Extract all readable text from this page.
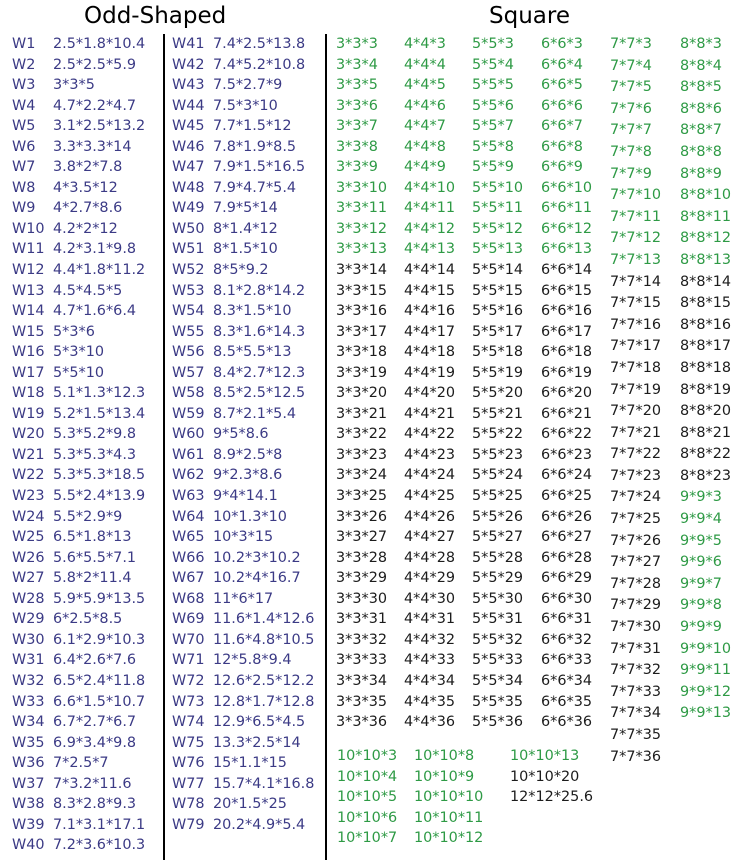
Odd-Shaped	Square
W1 2.5*1.8*10.4
W2 2.5*2.5*5.9
W3 3*3*5
W4 4.7*2.2*4.7
W5 3.1*2.5*13.2
W6 3.3*3.3*14
W7 3.8*2*7.8
W8 4*3.5*12
W9 4*2.7*8.6
W10 4.2*2*12
W11 4.2*3.1*9.8
W12 4.4*1.8*11.2
W13 4.5*4.5*5
W14 4.7*1.6*6.4
W15 5*3*6
W16 5*3*10
W17 5*5*10
W18 5.1*1.3*12.3
W19 5.2*1.5*13.4
W20 5.3*5.2*9.8
W21 5.3*5.3*4.3
W22 5.3*5.3*18.5
W23 5.5*2.4*13.9
W24 5.5*2.9*9
W25 6.5*1.8*13
W26 5.6*5.5*7.1
W27 5.8*2*11.4
W28 5.9*5.9*13.5
W29 6*2.5*8.5
W30 6.1*2.9*10.3
W31 6.4*2.6*7.6
W32 6.5*2.4*11.8
W33 6.6*1.5*10.7
W34 6.7*2.7*6.7
W35 6.9*3.4*9.8
W36 7*2.5*7
W37 7*3.2*11.6
W38 8.3*2.8*9.3
W39 7.1*3.1*17.1
W40 7.2*3.6*10.3
W41 7.4*2.5*13.8
W42 7.4*5.2*10.8
W43 7.5*2.7*9
W44 7.5*3*10
W45 7.7*1.5*12
W46 7.8*1.9*8.5
W47 7.9*1.5*16.5
W48 7.9*4.7*5.4
W49 7.9*5*14
W50 8*1.4*12
W51 8*1.5*10
W52 8*5*9.2
W53 8.1*2.8*14.2
W54 8.3*1.5*10
W55 8.3*1.6*14.3
W56 8.5*5.5*13
W57 8.4*2.7*12.3
W58 8.5*2.5*12.5
W59 8.7*2.1*5.4
W60 9*5*8.6
W61 8.9*2.5*8
W62 9*2.3*8.6
W63 9*4*14.1
W64 10*1.3*10
W65 10*3*15
W66 10.2*3*10.2
W67 10.2*4*16.7
W68 11*6*17
W69 11.6*1.4*12.6
W70 11.6*4.8*10.5
W71 12*5.8*9.4
W72 12.6*2.5*12.2
W73 12.8*1.7*12.8
W74 12.9*6.5*4.5
W75 13.3*2.5*14
W76 15*1.1*15
W77 15.7*4.1*16.8
W78 20*1.5*25
W79 20.2*4.9*5.4
3*3*3
3*3*4
3*3*5
3*3*6
3*3*7
3*3*8
3*3*9
3*3*10
3*3*11
3*3*12
3*3*13
3*3*14
3*3*15
3*3*16
3*3*17
3*3*18
3*3*19
3*3*20
3*3*21
3*3*22
3*3*23
3*3*24
3*3*25
3*3*26
3*3*27
3*3*28
3*3*29
3*3*30
3*3*31
3*3*32
3*3*33
3*3*34
3*3*35
3*3*36
4*4*3
4*4*4
4*4*5
4*4*6
4*4*7
4*4*8
4*4*9
4*4*10
4*4*11
4*4*12
4*4*13
4*4*14
4*4*15
4*4*16
4*4*17
4*4*18
4*4*19
4*4*20
4*4*21
4*4*22
4*4*23
4*4*24
4*4*25
4*4*26
4*4*27
4*4*28
4*4*29
4*4*30
4*4*31
4*4*32
4*4*33
4*4*34
4*4*35
4*4*36
5*5*3
5*5*4
5*5*5
5*5*6
5*5*7
5*5*8
5*5*9
5*5*10
5*5*11
5*5*12
5*5*13
5*5*14
5*5*15
5*5*16
5*5*17
5*5*18
5*5*19
5*5*20
5*5*21
5*5*22
5*5*23
5*5*24
5*5*25
5*5*26
5*5*27
5*5*28
5*5*29
5*5*30
5*5*31
5*5*32
5*5*33
5*5*34
5*5*35
5*5*36
6*6*3
6*6*4
6*6*5
6*6*6
6*6*7
6*6*8
6*6*9
6*6*10
6*6*11
6*6*12
6*6*13
6*6*14
6*6*15
6*6*16
6*6*17
6*6*18
6*6*19
6*6*20
6*6*21
6*6*22
6*6*23
6*6*24
6*6*25
6*6*26
6*6*27
6*6*28
6*6*29
6*6*30
6*6*31
6*6*32
6*6*33
6*6*34
6*6*35
6*6*36
7*7*3
7*7*4
7*7*5
7*7*6
7*7*7
7*7*8
7*7*9
7*7*10
7*7*11
7*7*12
7*7*13
7*7*14
7*7*15
7*7*16
7*7*17
7*7*18
7*7*19
7*7*20
7*7*21
7*7*22
7*7*23
7*7*24
7*7*25
7*7*26
7*7*27
7*7*28
7*7*29
7*7*30
7*7*31
7*7*32
7*7*33
7*7*34
7*7*35
7*7*36
8*8*3
8*8*4
8*8*5
8*8*6
8*8*7
8*8*8
8*8*9
8*8*10
8*8*11
8*8*12
8*8*13
8*8*14
8*8*15
8*8*16
8*8*17
8*8*18
8*8*19
8*8*20
8*8*21
8*8*22
8*8*23
9*9*3
9*9*4
9*9*5
9*9*6
9*9*7
9*9*8
9*9*9
9*9*10
9*9*11
9*9*12
9*9*13
10*10*3
10*10*4
10*10*5
10*10*6
10*10*7
10*10*8
10*10*9
10*10*10
10*10*11
10*10*12
10*10*13
10*10*20
12*12*25.6
